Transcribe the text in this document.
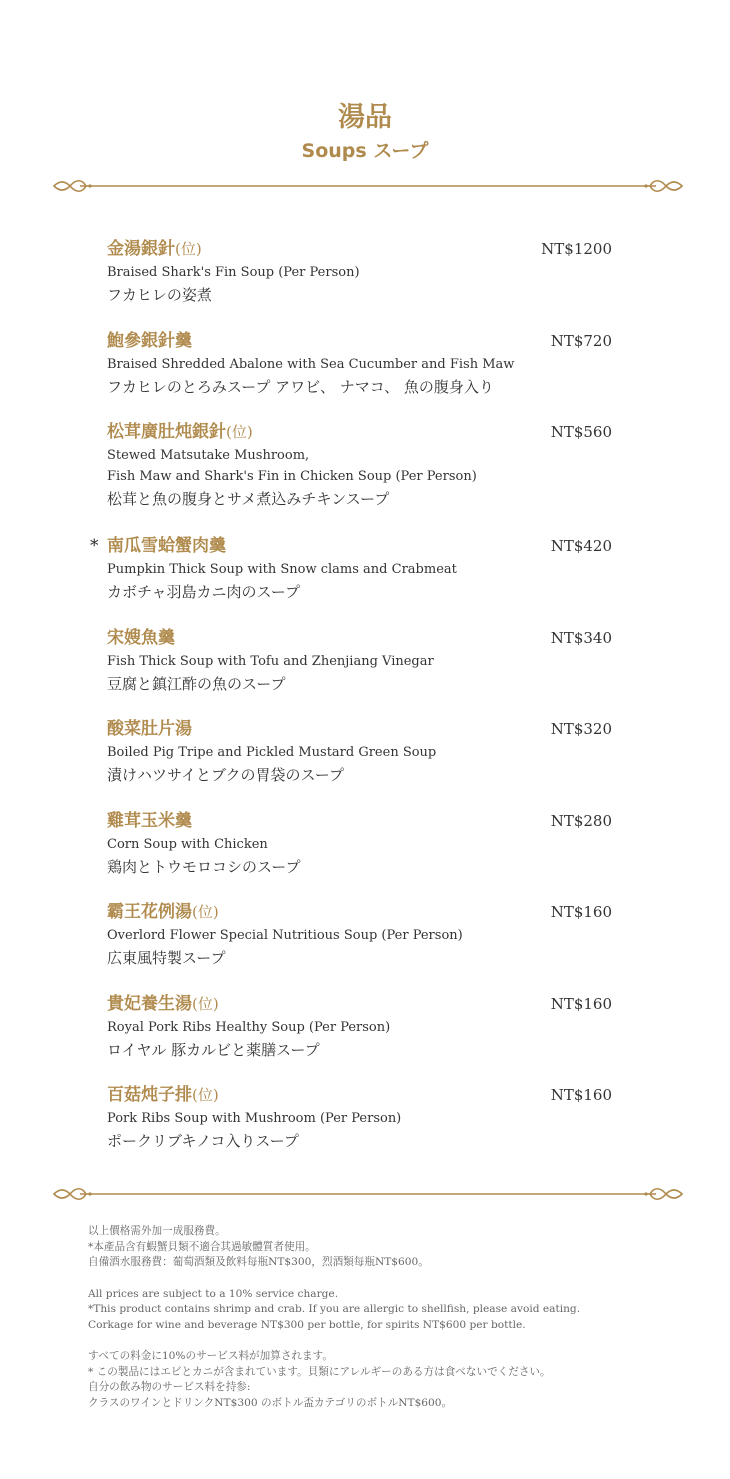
湯品
Soups スープ
金湯銀針(位)	NT$1200
Braised Shark's Fin Soup (Per Person)
フカヒレの姿煮
鮑參銀針羹	NT$720
Braised Shredded Abalone with Sea Cucumber and Fish Maw
フカヒレのとろみスープ アワビ、 ナマコ、 魚の腹身入り
松茸廣肚炖銀針(位)	NT$560
Stewed Matsutake Mushroom,
Fish Maw and Shark's Fin in Chicken Soup (Per Person)
松茸と魚の腹身とサメ煮込みチキンスープ
* 南瓜雪蛤蟹肉羹	NT$420
Pumpkin Thick Soup with Snow clams and Crabmeat
カボチャ羽島カニ肉のスープ
宋嫂魚羹	NT$340
Fish Thick Soup with Tofu and Zhenjiang Vinegar
豆腐と鎮江酢の魚のスープ
酸菜肚片湯	NT$320
Boiled Pig Tripe and Pickled Mustard Green Soup
漬けハツサイとブクの胃袋のスープ
雞茸玉米羹	NT$280
Corn Soup with Chicken
鶏肉とトウモロコシのスープ
霸王花例湯(位)	NT$160
Overlord Flower Special Nutritious Soup (Per Person)
広東風特製スープ
貴妃養生湯(位)	NT$160
Royal Pork Ribs Healthy Soup (Per Person)
ロイヤル 豚カルビと薬膳スープ
百菇炖子排(位)	NT$160
Pork Ribs Soup with Mushroom (Per Person)
ポークリブキノコ入りスープ
以上價格需外加一成服務費。
*本產品含有蝦蟹貝類不適合其過敏體質者使用。
自備酒水服務費：葡萄酒類及飲料每瓶NT$300，烈酒類每瓶NT$600。
All prices are subject to a 10% service charge.
*This product contains shrimp and crab. If you are allergic to shellfish, please avoid eating.
Corkage for wine and beverage NT$300 per bottle, for spirits NT$600 per bottle.
すべての料金に10%のサービス料が加算されます。
* この製品にはエビとカニが含まれています。貝類にアレルギーのある方は食べないでください。
自分の飲み物のサービス料を持参:
クラスのワインとドリンクNT$300 のボトル盃カテゴリのボトルNT$600。
